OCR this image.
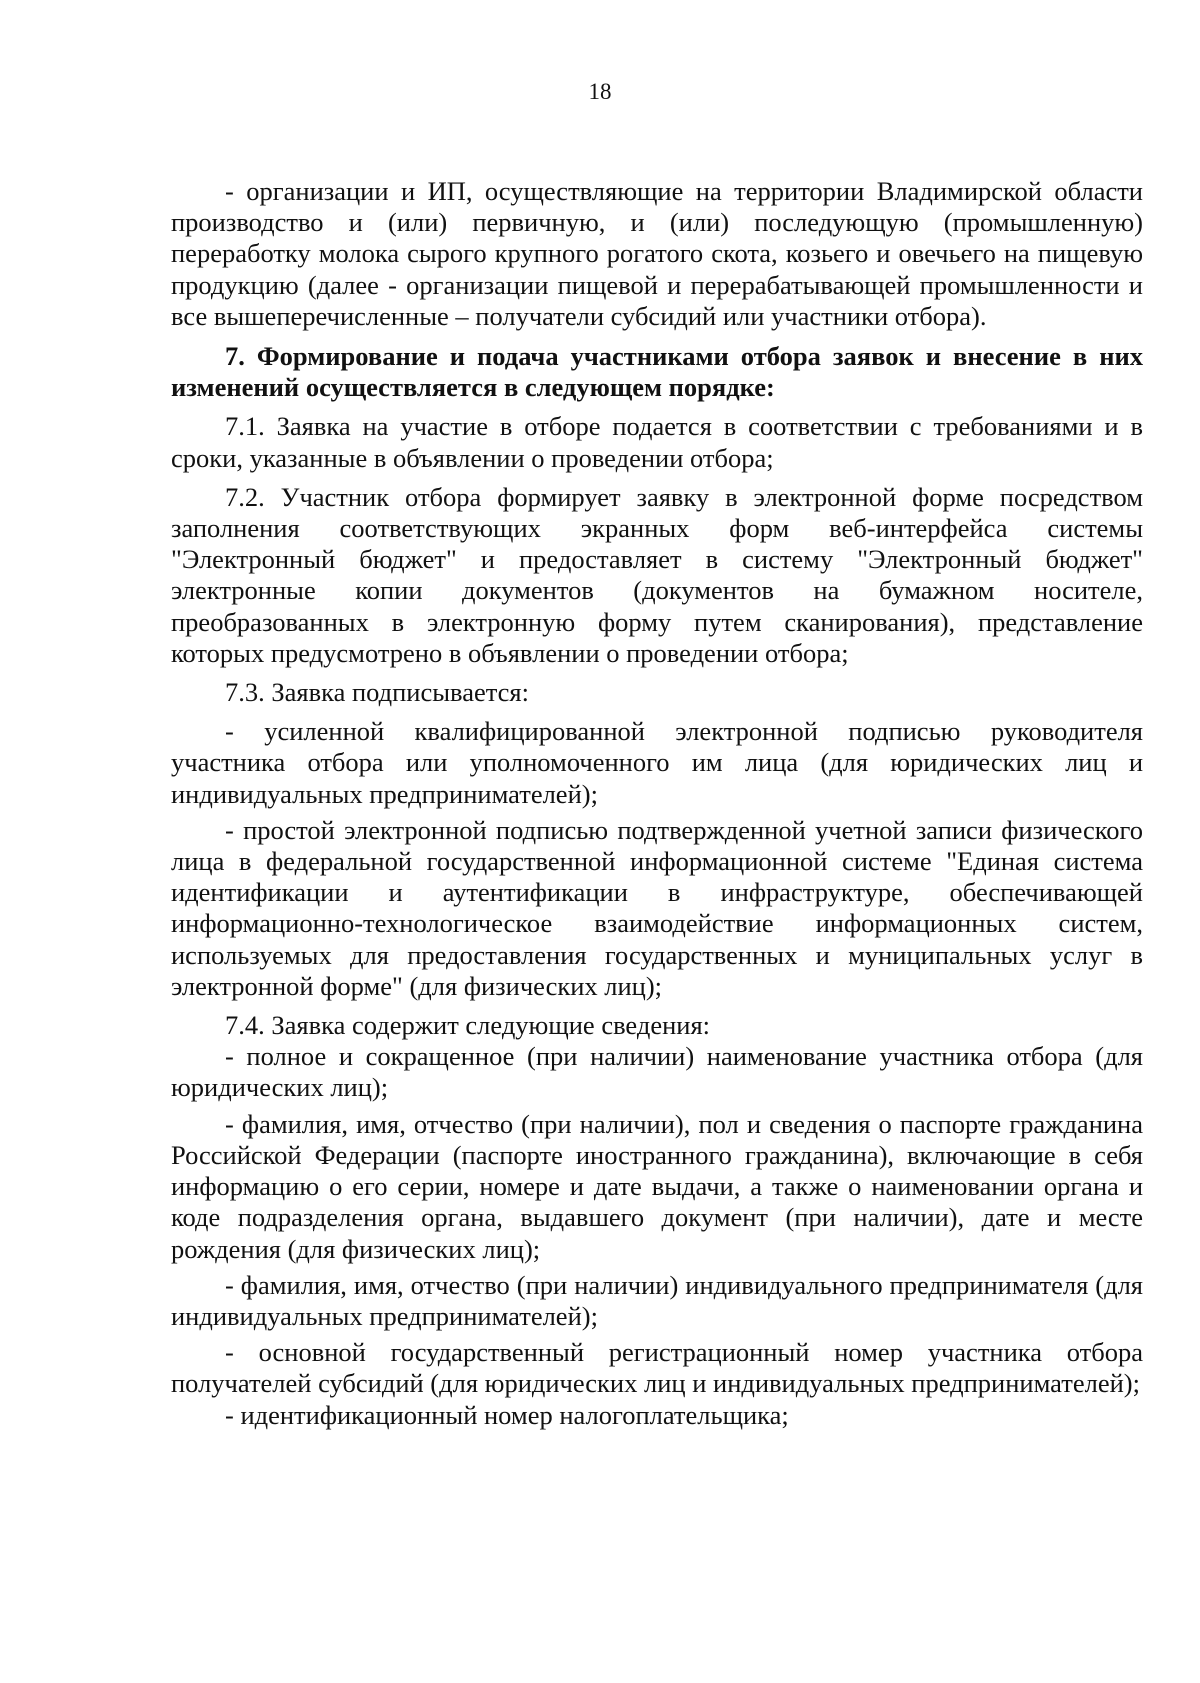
18

- организации и ИП, осуществляющие на территории Владимирской области производство и (или) первичную, и (или) последующую (промышленную) переработку молока сырого крупного рогатого скота, козьего и овечьего на пищевую продукцию (далее - организации пищевой и перерабатывающей промышленности и все вышеперечисленные – получатели субсидий или участники отбора).

7. Формирование и подача участниками отбора заявок и внесение в них изменений осуществляется в следующем порядке:

7.1. Заявка на участие в отборе подается в соответствии с требованиями и в сроки, указанные в объявлении о проведении отбора;

7.2. Участник отбора формирует заявку в электронной форме посредством заполнения соответствующих экранных форм веб-интерфейса системы "Электронный бюджет" и предоставляет в систему "Электронный бюджет" электронные копии документов (документов на бумажном носителе, преобразованных в электронную форму путем сканирования), представление которых предусмотрено в объявлении о проведении отбора;

7.3. Заявка подписывается:

- усиленной квалифицированной электронной подписью руководителя участника отбора или уполномоченного им лица (для юридических лиц и индивидуальных предпринимателей);

- простой электронной подписью подтвержденной учетной записи физического лица в федеральной государственной информационной системе "Единая система идентификации и аутентификации в инфраструктуре, обеспечивающей информационно-технологическое взаимодействие информационных систем, используемых для предоставления государственных и муниципальных услуг в электронной форме" (для физических лиц);

7.4. Заявка содержит следующие сведения:

- полное и сокращенное (при наличии) наименование участника отбора (для юридических лиц);

- фамилия, имя, отчество (при наличии), пол и сведения о паспорте гражданина Российской Федерации (паспорте иностранного гражданина), включающие в себя информацию о его серии, номере и дате выдачи, а также о наименовании органа и коде подразделения органа, выдавшего документ (при наличии), дате и месте рождения (для физических лиц);

- фамилия, имя, отчество (при наличии) индивидуального предпринимателя (для индивидуальных предпринимателей);

- основной государственный регистрационный номер участника отбора получателей субсидий (для юридических лиц и индивидуальных предпринимателей);

- идентификационный номер налогоплательщика;
